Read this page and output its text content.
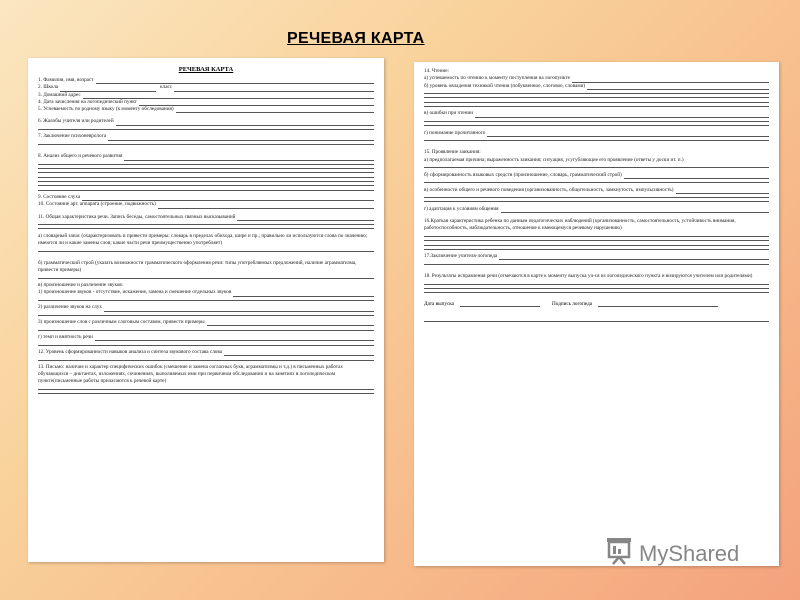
РЕЧЕВАЯ КАРТА
РЕЧЕВАЯ КАРТА
1. Фамилия, имя, возраст
2. Школа	класс
3. Домашний адрес
4. Дата зачисления на логопедический пункт
5. Успеваемость по родному языку (к моменту обследования)
6. Жалобы учителя или родителей
7. Заключение психоневролога
8. Анализ общего и речевого развития
9. Состояние слуха
10. Состояние арт. аппарата (строение, подвижность)
11. Общая характеристика речи. Запись беседы, самостоятельных связных высказываний
а) словарный запас (охарактеризовать и привести примеры: словарь в пределах обихода, шире и пр.; правильно ли используются слова по значению; имеются ли и какие замены слов; какие части речи преимущественно употребляет)
б) грамматический строй (указать возможности грамматического оформления речи: типы употребляемых предложений, наличие аграмматизма, привести примеры)
в) произношение и различение звуков:
1) произношение звуков - отсутствие, искажение, замена и смешение отдельных звуков
2) различение звуков на слух
3) произношение слов с различным слоговым составом, привести примеры
г) темп и внятность речи
12. Уровень сформированности навыков анализа и синтеза звукового состава слова
13. Письмо: наличие и характер специфических ошибок (смешение и замена согласных букв, аграмматизмы и т.д.) в письменных работах обучающихся – диктантах, изложениях, сочинениях, выполняемых ими при первичном обследовании и на занятиях в логопедическом пункте(письменные работы прилагаются к речевой карте)
14. Чтение:
а) успеваемость по чтению к моменту поступления на логопункте
б) уровень овладения техникой чтения (побуквенное, слоговое, словами)
в) ошибки при чтении
г) понимание прочитанного
15. Проявление заикания:
а) предполагаемая причина; выраженность заикания; ситуация, усугубляющие его проявление (ответы у доски ит. п.)
б) сформированность языковых средств (произношение, словарь, грамматический строй)
в) особенности общего и речевого поведения (организованность, общительность, замкнутость, импульсивность)
г) адаптация к условиям общения
16.Краткая характеристика ребенка по данным педагогических наблюдений (организованность, самостоятельность, устойчивость внимания, работоспособность, наблюдательность, отношение к имеющемуся речевому нарушению)
17.Заключение учителя-логопеда
18. Результаты исправления речи (отмечаются в карте к моменту выпуска уч-ся из логопедического пункта и визируются учителем или родителями)
Дата выпуска	Подпись логопеда
MyShared
